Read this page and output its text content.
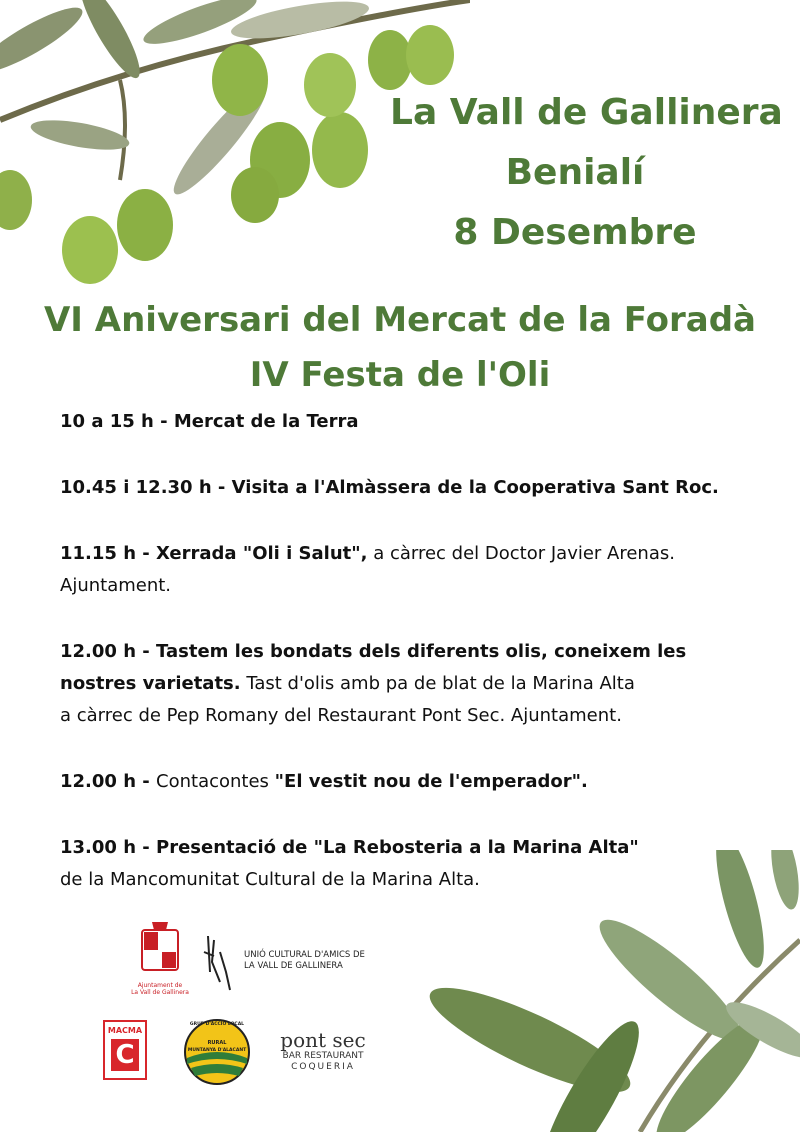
La Vall de Gallinera
Benialí
8 Desembre
VI Aniversari del Mercat de la Foradà
IV Festa de l'Oli
10 a 15 h - Mercat de la Terra
10.45 i 12.30 h - Visita a l'Almàssera de la Cooperativa Sant Roc.
11.15 h - Xerrada "Oli i Salut", a càrrec del Doctor Javier Arenas.
Ajuntament.
12.00 h - Tastem les bondats dels diferents olis, coneixem les
nostres varietats. Tast d'olis amb pa de blat de la Marina Alta
a càrrec de Pep Romany del Restaurant Pont Sec. Ajuntament.
12.00 h - Contacontes "El vestit nou de l'emperador".
13.00 h - Presentació de "La Rebosteria a la Marina Alta"
de la Mancomunitat Cultural de la Marina Alta.
Ajuntament de
La Vall de Gallinera
UNIÓ CULTURAL D'AMICS DE
LA VALL DE GALLINERA
MACMA
C
GRUP D'ACCIÓ LOCAL
RURAL
MUNTANYA D'ALACANT	pont sec
BAR RESTAURANT
COQUERIA
